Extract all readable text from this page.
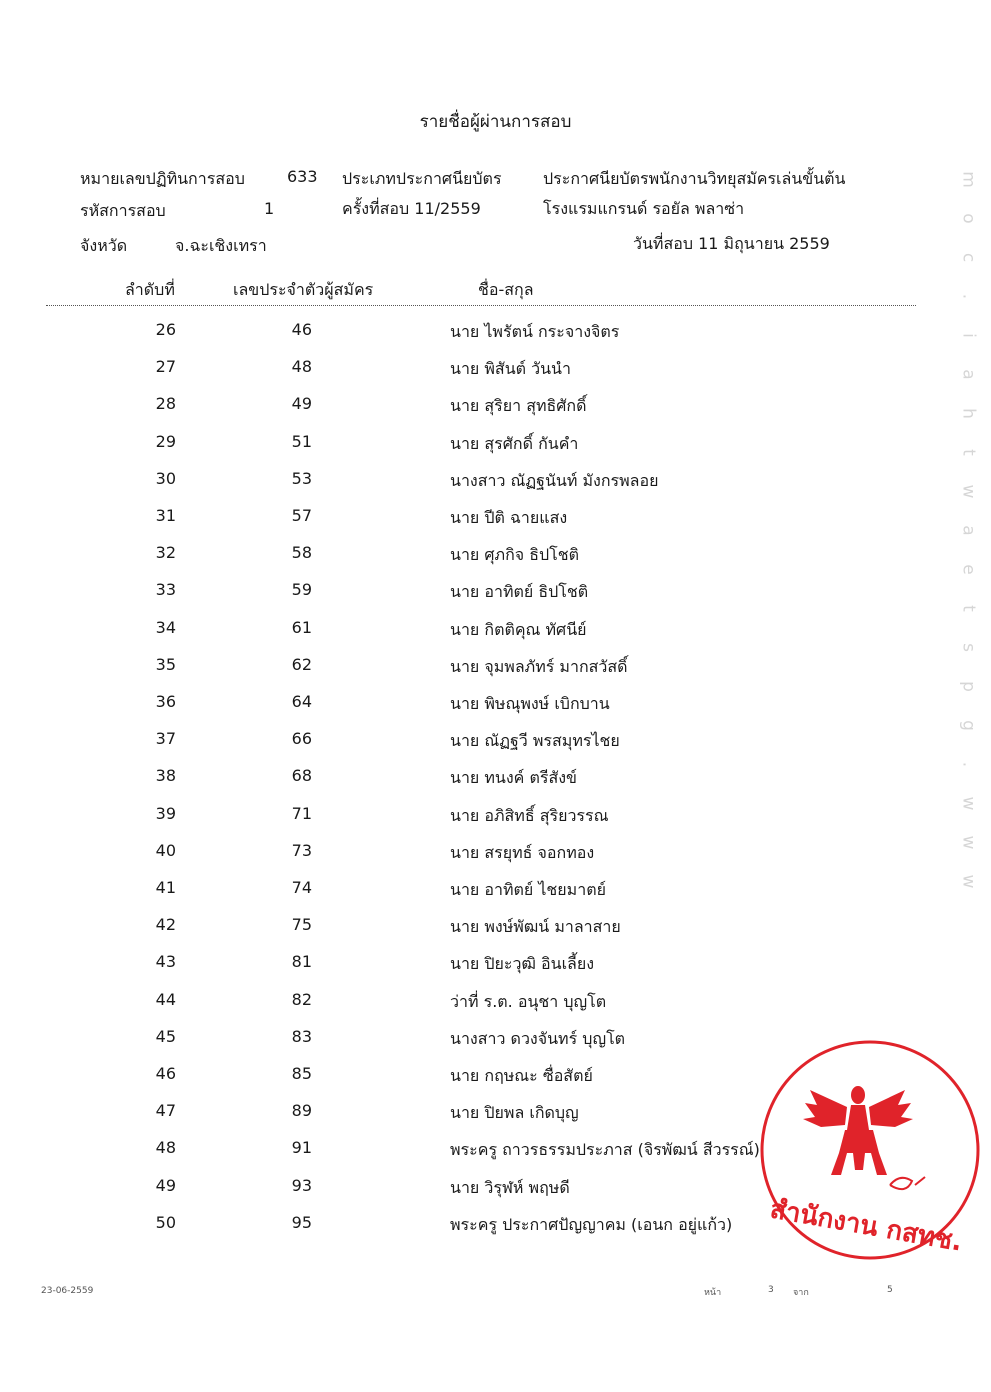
รายชื่อผู้ผ่านการสอบ
หมายเลขปฏิทินการสอบ	633 ประเภทประกาศนียบัตร	ประกาศนียบัตรพนักงานวิทยุสมัครเล่นขั้นต้น
รหัสการสอบ	1	ครั้งที่สอบ 11/2559	โรงแรมแกรนด์ รอยัล พลาซ่า
จังหวัด	จ.ฉะเชิงเทรา	วันที่สอบ 11 มิถุนายน 2559
ลำดับที่	เลขประจำตัวผู้สมัคร	ชื่อ-สกุล
26	46	นาย ไพรัตน์ กระจางจิตร
27	48	นาย พิสันต์ วันนำ
28	49	นาย สุริยา สุทธิศักดิ์
29	51	นาย สุรศักดิ์ กันคำ
30	53	นางสาว ณัฏฐนันท์ มังกรพลอย
31	57	นาย ปีติ ฉายแสง
32	58	นาย ศุภกิจ ธิปโชติ
33	59	นาย อาทิตย์ ธิปโชติ
34	61	นาย กิตติคุณ ทัศนีย์
35	62	นาย จุมพลภัทร์ มากสวัสดิ์
36	64	นาย พิษณุพงษ์ เบิกบาน
37	66	นาย ณัฏฐวี พรสมุทรไชย
38	68	นาย ทนงค์ ตรีสังข์
39	71	นาย อภิสิทธิ์ สุริยวรรณ
40	73	นาย สรยุทธ์ จอกทอง
41	74	นาย อาทิตย์ ไชยมาตย์
42	75	นาย พงษ์พัฒน์ มาลาสาย
43	81	นาย ปิยะวุฒิ อินเลี้ยง
44	82	ว่าที่ ร.ต. อนุชา บุญโต
45	83	นางสาว ดวงจันทร์ บุญโต
46	85	นาย กฤษณะ ซื่อสัตย์
47	89	นาย ปิยพล เกิดบุญ
48	91	พระครู ถาวรธรรมประภาส (จิรพัฒน์ สีวรรณ์)
49	93	นาย วิรุฬห์ พฤษดี
50	95	พระครู ประกาศปัญญาคม (เอนก อยู่แก้ว)
23-06-2559	หน้า	3 จาก	5
m
o
c
.
i
a
h
t
w
a
e
t
s
p
g
.
w
w
w
สำนักงาน กสทช.
